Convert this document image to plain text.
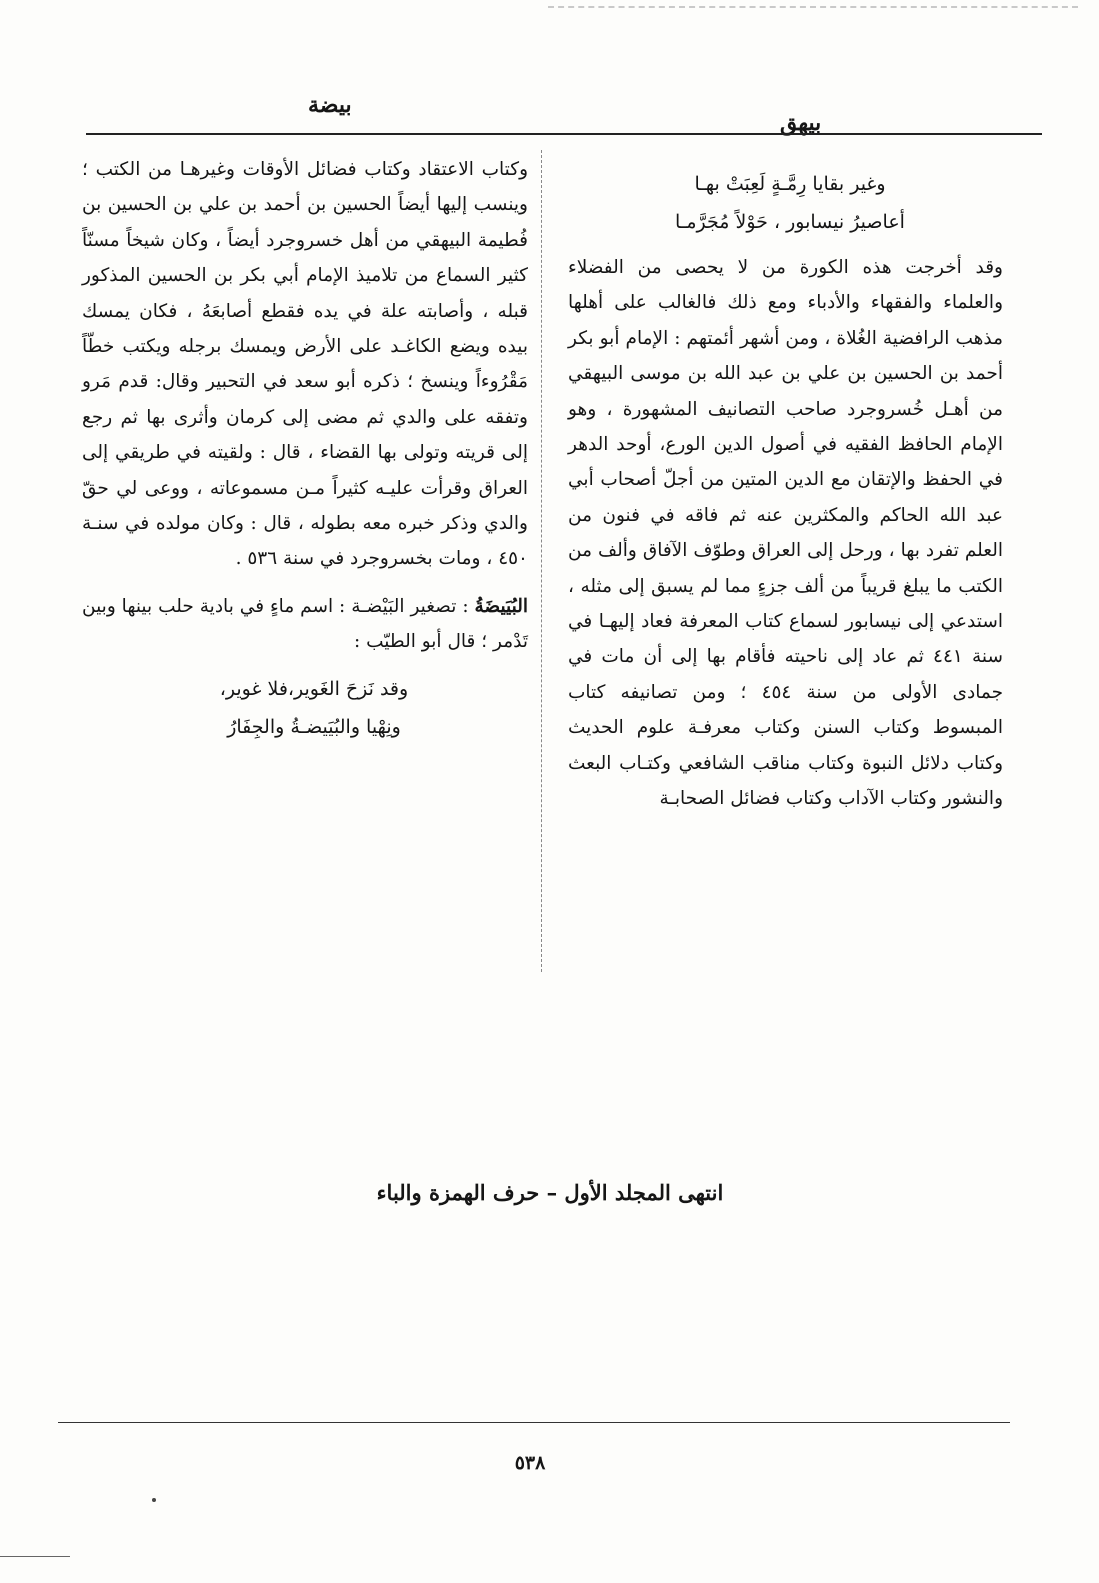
بيضة
بيهق
وغير بقايا رِمَّـةٍ لَعِبَتْ بهـا
أعاصيرُ نيسابور ، حَوْلاً مُجَرَّمـا

وقد أخرجت هذه الكورة من لا يحصى من الفضلاء والعلماء والفقهاء والأدباء ومع ذلك فالغالب على أهلها مذهب الرافضية الغُلاة ، ومن أشهر أئمتهم : الإمام أبو بكر أحمد بن الحسين بن علي بن عبد الله بن موسى البيهقي من أهـل خُسروجرد صاحب التصانيف المشهورة ، وهو الإمام الحافظ الفقيه في أصول الدين الورع، أوحد الدهر في الحفظ والإتقان مع الدين المتين من أجلّ أصحاب أبي عبد الله الحاكم والمكثرين عنه ثم فاقه في فنون من العلم تفرد بها ، ورحل إلى العراق وطوّف الآفاق وألف من الكتب ما يبلغ قريباً من ألف جزءٍ مما لم يسبق إلى مثله ، استدعي إلى نيسابور لسماع كتاب المعرفة فعاد إليهـا في سنة ٤٤١ ثم عاد إلى ناحيته فأقام بها إلى أن مات في جمادى الأولى من سنة ٤٥٤ ؛ ومن تصانيفه كتاب المبسوط وكتاب السنن وكتاب معرفـة علوم الحديث وكتاب دلائل النبوة وكتاب مناقب الشافعي وكتـاب البعث والنشور وكتاب الآداب وكتاب فضائل الصحابـة

وكتاب الاعتقاد وكتاب فضائل الأوقات وغيرهـا من الكتب ؛ وينسب إليها أيضاً الحسين بن أحمد بن علي بن الحسين بن فُطيمة البيهقي من أهل خسروجرد أيضاً ، وكان شيخاً مسنّاً كثير السماع من تلاميذ الإمام أبي بكر بن الحسين المذكور قبله ، وأصابته علة في يده فقطع أصابعَهُ ، فكان يمسك بيده ويضع الكاغـد على الأرض ويمسك برجله ويكتب خطّاً مَقْرُوءاً وينسخ ؛ ذكره أبو سعد في التحبير وقال: قدم مَرو وتفقه على والدي ثم مضى إلى كرمان وأثرى بها ثم رجع إلى قريته وتولى بها القضاء ، قال : ولقيته في طريقي إلى العراق وقرأت عليـه كثيراً مـن مسموعاته ، ووعى لي حقّ والدي وذكر خبره معه بطوله ، قال : وكان مولده في سنـة ٤٥٠ ، ومات بخسروجرد في سنة ٥٣٦ .

البُيَيضَةُ : تصغير البَيْضـة : اسم ماءٍ في بادية حلب بينها وبين تَدْمر ؛ قال أبو الطيّب :

وقد نَزحَ الغَوير،فلا غوير،
ونِهْيا والبُيَيضـةُ والجِفَارُ
انتهى المجلد الأول – حرف الهمزة والباء
٥٣٨
